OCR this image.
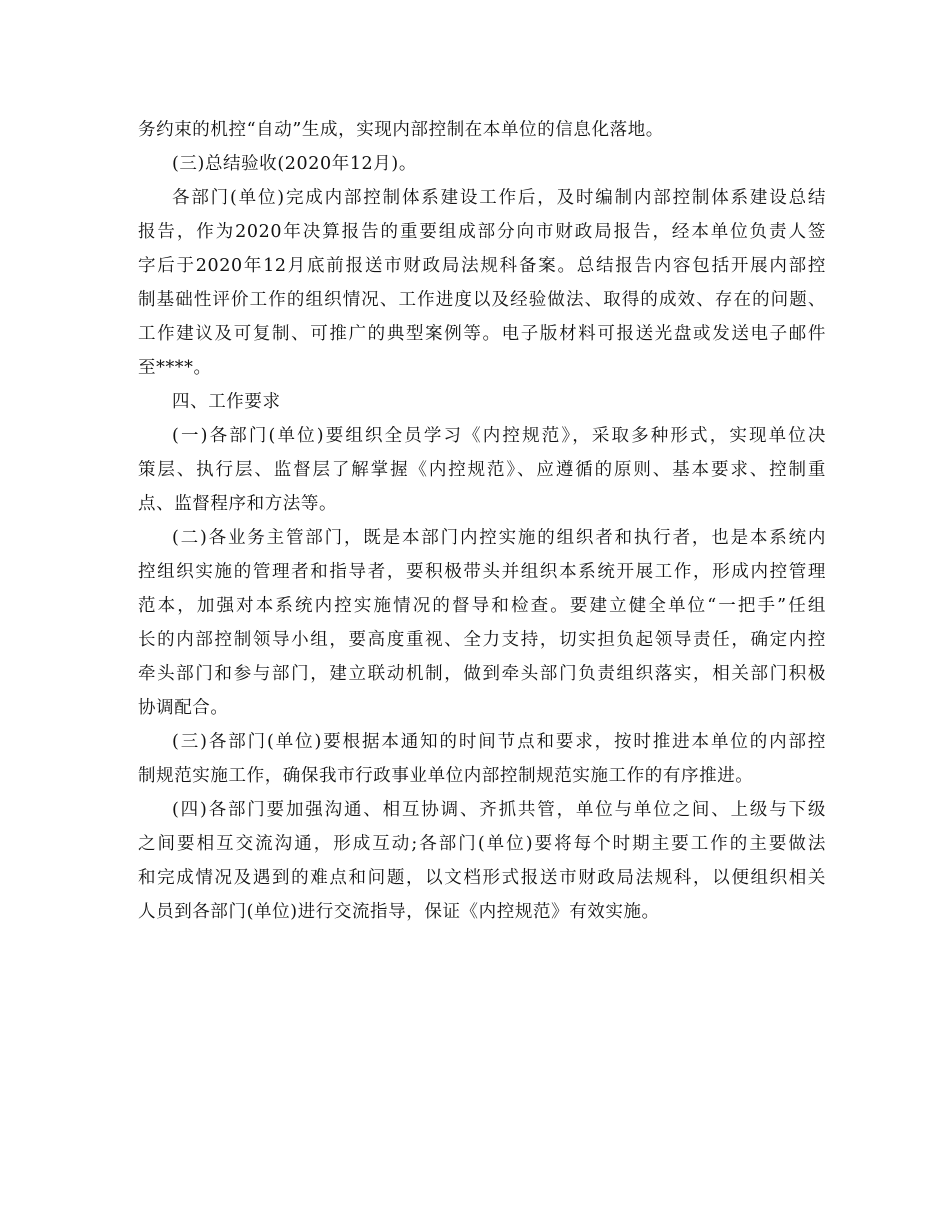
务约束的机控“自动”生成，实现内部控制在本单位的信息化落地。
(三)总结验收(2020年12月)。
各部门(单位)完成内部控制体系建设工作后，及时编制内部控制体系建设总结
报告，作为2020年决算报告的重要组成部分向市财政局报告，经本单位负责人签
字后于2020年12月底前报送市财政局法规科备案。总结报告内容包括开展内部控
制基础性评价工作的组织情况、工作进度以及经验做法、取得的成效、存在的问题、
工作建议及可复制、可推广的典型案例等。电子版材料可报送光盘或发送电子邮件
至****。
四、工作要求
(一)各部门(单位)要组织全员学习《内控规范》，采取多种形式，实现单位决
策层、执行层、监督层了解掌握《内控规范》、应遵循的原则、基本要求、控制重
点、监督程序和方法等。
(二)各业务主管部门，既是本部门内控实施的组织者和执行者，也是本系统内
控组织实施的管理者和指导者，要积极带头并组织本系统开展工作，形成内控管理
范本，加强对本系统内控实施情况的督导和检查。要建立健全单位“一把手”任组
长的内部控制领导小组，要高度重视、全力支持，切实担负起领导责任，确定内控
牵头部门和参与部门，建立联动机制，做到牵头部门负责组织落实，相关部门积极
协调配合。
(三)各部门(单位)要根据本通知的时间节点和要求，按时推进本单位的内部控
制规范实施工作，确保我市行政事业单位内部控制规范实施工作的有序推进。
(四)各部门要加强沟通、相互协调、齐抓共管，单位与单位之间、上级与下级
之间要相互交流沟通，形成互动;各部门(单位)要将每个时期主要工作的主要做法
和完成情况及遇到的难点和问题，以文档形式报送市财政局法规科，以便组织相关
人员到各部门(单位)进行交流指导，保证《内控规范》有效实施。
